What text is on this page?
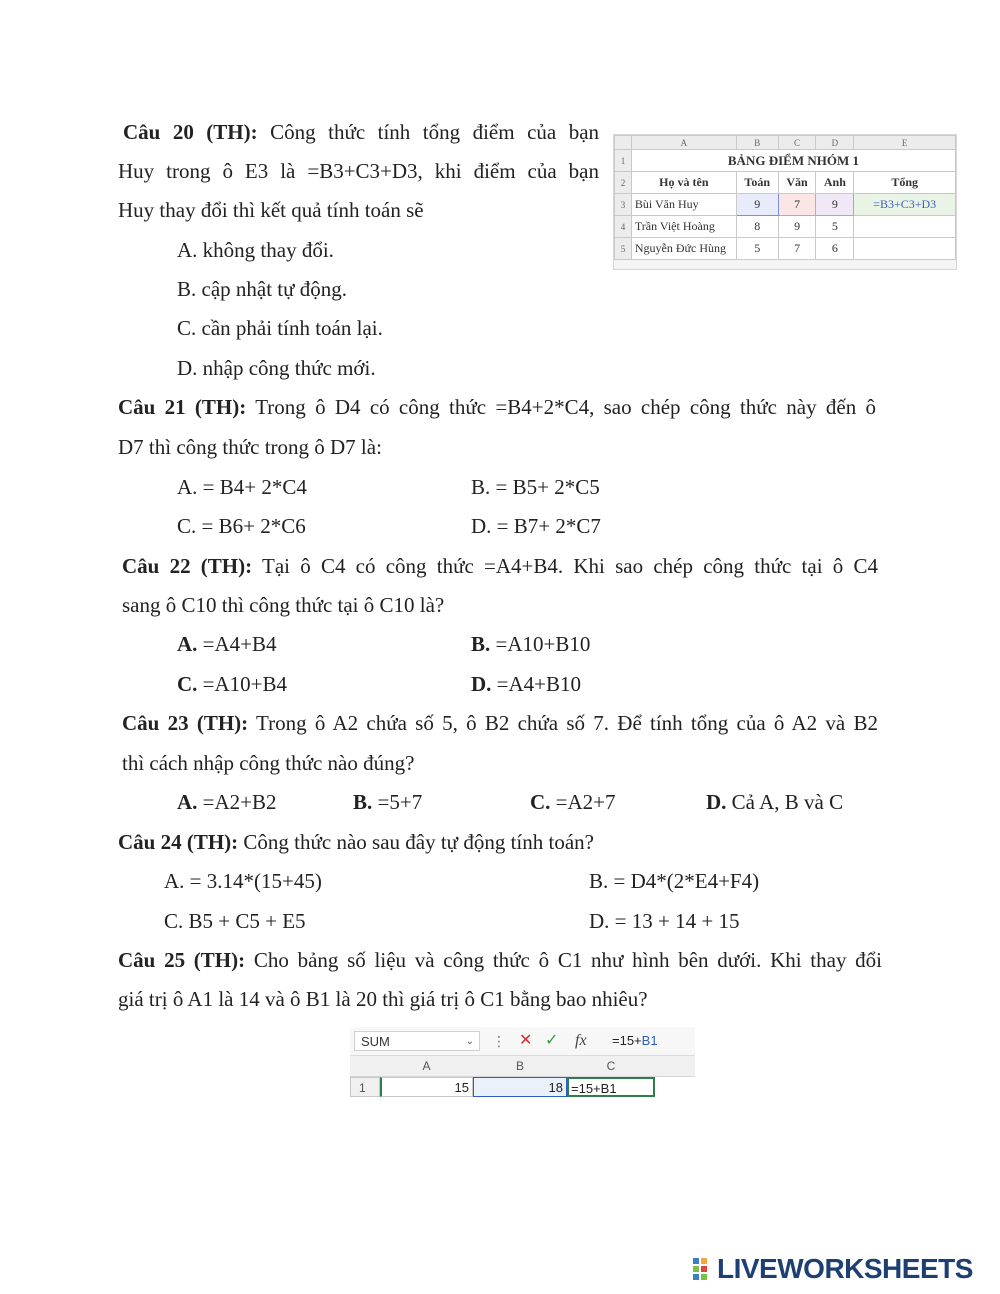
Câu 20 (TH): Công thức tính tổng điểm của bạn
Huy trong ô E3 là =B3+C3+D3, khi điểm của bạn
Huy thay đổi thì kết quả tính toán sẽ
A. không thay đổi.
B. cập nhật tự động.
C. cần phải tính toán lại.
D. nhập công thức mới.
	A	B	C	D	E
1	BẢNG ĐIỂM NHÓM 1				
2	Họ và tên	Toán	Văn	Anh	Tổng
3	Bùi Văn Huy	9	7	9	=B3+C3+D3
4	Trần Việt Hoàng	8	9	5	
5	Nguyễn Đức Hùng	5	7	6	
Câu 21 (TH): Trong ô D4 có công thức =B4+2*C4, sao chép công thức này đến ô
D7 thì công thức trong ô D7 là:
A. = B4+ 2*C4	B. = B5+ 2*C5
C. = B6+ 2*C6	D. = B7+ 2*C7
Câu 22 (TH): Tại ô C4 có công thức =A4+B4. Khi sao chép công thức tại ô C4
sang ô C10 thì công thức tại ô C10 là?
A. =A4+B4	B. =A10+B10
C. =A10+B4	D. =A4+B10
Câu 23 (TH): Trong ô A2 chứa số 5, ô B2 chứa số 7. Để tính tổng của ô A2 và B2
thì cách nhập công thức nào đúng?
A. =A2+B2	B. =5+7	C. =A2+7	D. Cả A, B và C
Câu 24 (TH): Công thức nào sau đây tự động tính toán?
A. = 3.14*(15+45)	B. = D4*(2*E4+F4)
C. B5 + C5 + E5	D. = 13 + 14 + 15
Câu 25 (TH): Cho bảng số liệu và công thức ô C1 như hình bên dưới. Khi thay đổi
giá trị ô A1 là 14 và ô B1 là 20 thì giá trị ô C1 bằng bao nhiêu?
SUM	⌄ ⋮ ✕ ✓ fx =15+B1
A	B	C
1	15	18 =15+B1
LIVEWORKSHEETS
